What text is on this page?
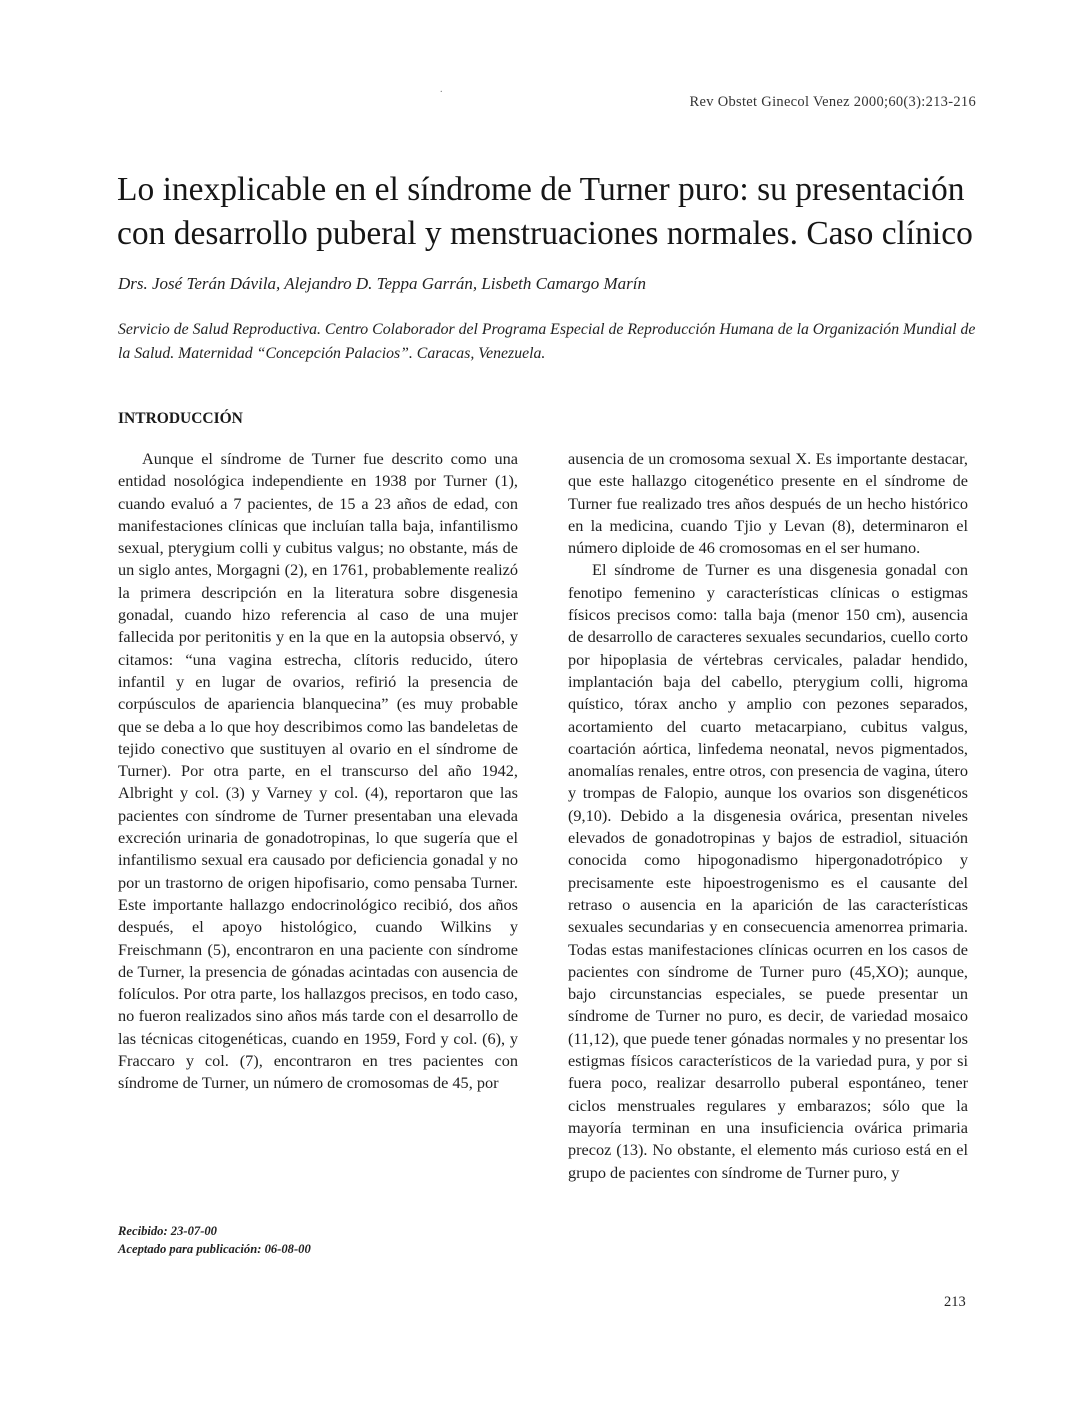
Rev Obstet Ginecol Venez 2000;60(3):213-216
.
Lo inexplicable en el síndrome de Turner puro: su presentación con desarrollo puberal y menstruaciones normales. Caso clínico
Drs. José Terán Dávila, Alejandro D. Teppa Garrán, Lisbeth Camargo Marín
Servicio de Salud Reproductiva. Centro Colaborador del Programa Especial de Reproducción Humana de la Organización Mundial de la Salud. Maternidad “Concepción Palacios”. Caracas, Venezuela.
INTRODUCCIÓN

Aunque el síndrome de Turner fue descrito como una entidad nosológica independiente en 1938 por Turner (1), cuando evaluó a 7 pacientes, de 15 a 23 años de edad, con manifestaciones clínicas que incluían talla baja, infantilismo sexual, pterygium colli y cubitus valgus; no obstante, más de un siglo antes, Morgagni (2), en 1761, probablemente realizó la primera descripción en la literatura sobre disgenesia gonadal, cuando hizo referencia al caso de una mujer fallecida por peritonitis y en la que en la autopsia observó, y citamos: “una vagina estrecha, clítoris reducido, útero infantil y en lugar de ovarios, refirió la presencia de corpúsculos de apariencia blanquecina” (es muy probable que se deba a lo que hoy describimos como las bandeletas de tejido conectivo que sustituyen al ovario en el síndrome de Turner). Por otra parte, en el transcurso del año 1942, Albright y col. (3) y Varney y col. (4), reportaron que las pacientes con síndrome de Turner presentaban una elevada excreción urinaria de gonadotropinas, lo que sugería que el infantilismo sexual era causado por deficiencia gonadal y no por un trastorno de origen hipofisario, como pensaba Turner. Este importante hallazgo endocrinológico recibió, dos años después, el apoyo histológico, cuando Wilkins y Freischmann (5), encontraron en una paciente con síndrome de Turner, la presencia de gónadas acintadas con ausencia de folículos. Por otra parte, los hallazgos precisos, en todo caso, no fueron realizados sino años más tarde con el desarrollo de las técnicas citogenéticas, cuando en 1959, Ford y col. (6), y Fraccaro y col. (7), encontraron en tres pacientes con síndrome de Turner, un número de cromosomas de 45, por

ausencia de un cromosoma sexual X. Es importante destacar, que este hallazgo citogenético presente en el síndrome de Turner fue realizado tres años después de un hecho histórico en la medicina, cuando Tjio y Levan (8), determinaron el número diploide de 46 cromosomas en el ser humano.

El síndrome de Turner es una disgenesia gonadal con fenotipo femenino y características clínicas o estigmas físicos precisos como: talla baja (menor 150 cm), ausencia de desarrollo de caracteres sexuales secundarios, cuello corto por hipoplasia de vértebras cervicales, paladar hendido, implantación baja del cabello, pterygium colli, higroma quístico, tórax ancho y amplio con pezones separados, acortamiento del cuarto metacarpiano, cubitus valgus, coartación aórtica, linfedema neonatal, nevos pigmentados, anomalías renales, entre otros, con presencia de vagina, útero y trompas de Falopio, aunque los ovarios son disgenéticos (9,10). Debido a la disgenesia ovárica, presentan niveles elevados de gonadotropinas y bajos de estradiol, situación conocida como hipogonadismo hipergonadotrópico y precisamente este hipoestrogenismo es el causante del retraso o ausencia en la aparición de las características sexuales secundarias y en consecuencia amenorrea primaria. Todas estas manifestaciones clínicas ocurren en los casos de pacientes con síndrome de Turner puro (45,XO); aunque, bajo circunstancias especiales, se puede presentar un síndrome de Turner no puro, es decir, de variedad mosaico (11,12), que puede tener gónadas normales y no presentar los estigmas físicos característicos de la variedad pura, y por si fuera poco, realizar desarrollo puberal espontáneo, tener ciclos menstruales regulares y embarazos; sólo que la mayoría terminan en una insuficiencia ovárica primaria precoz (13). No obstante, el elemento más curioso está en el grupo de pacientes con síndrome de Turner puro, y

Recibido: 23-07-00
Aceptado para publicación: 06-08-00
213
